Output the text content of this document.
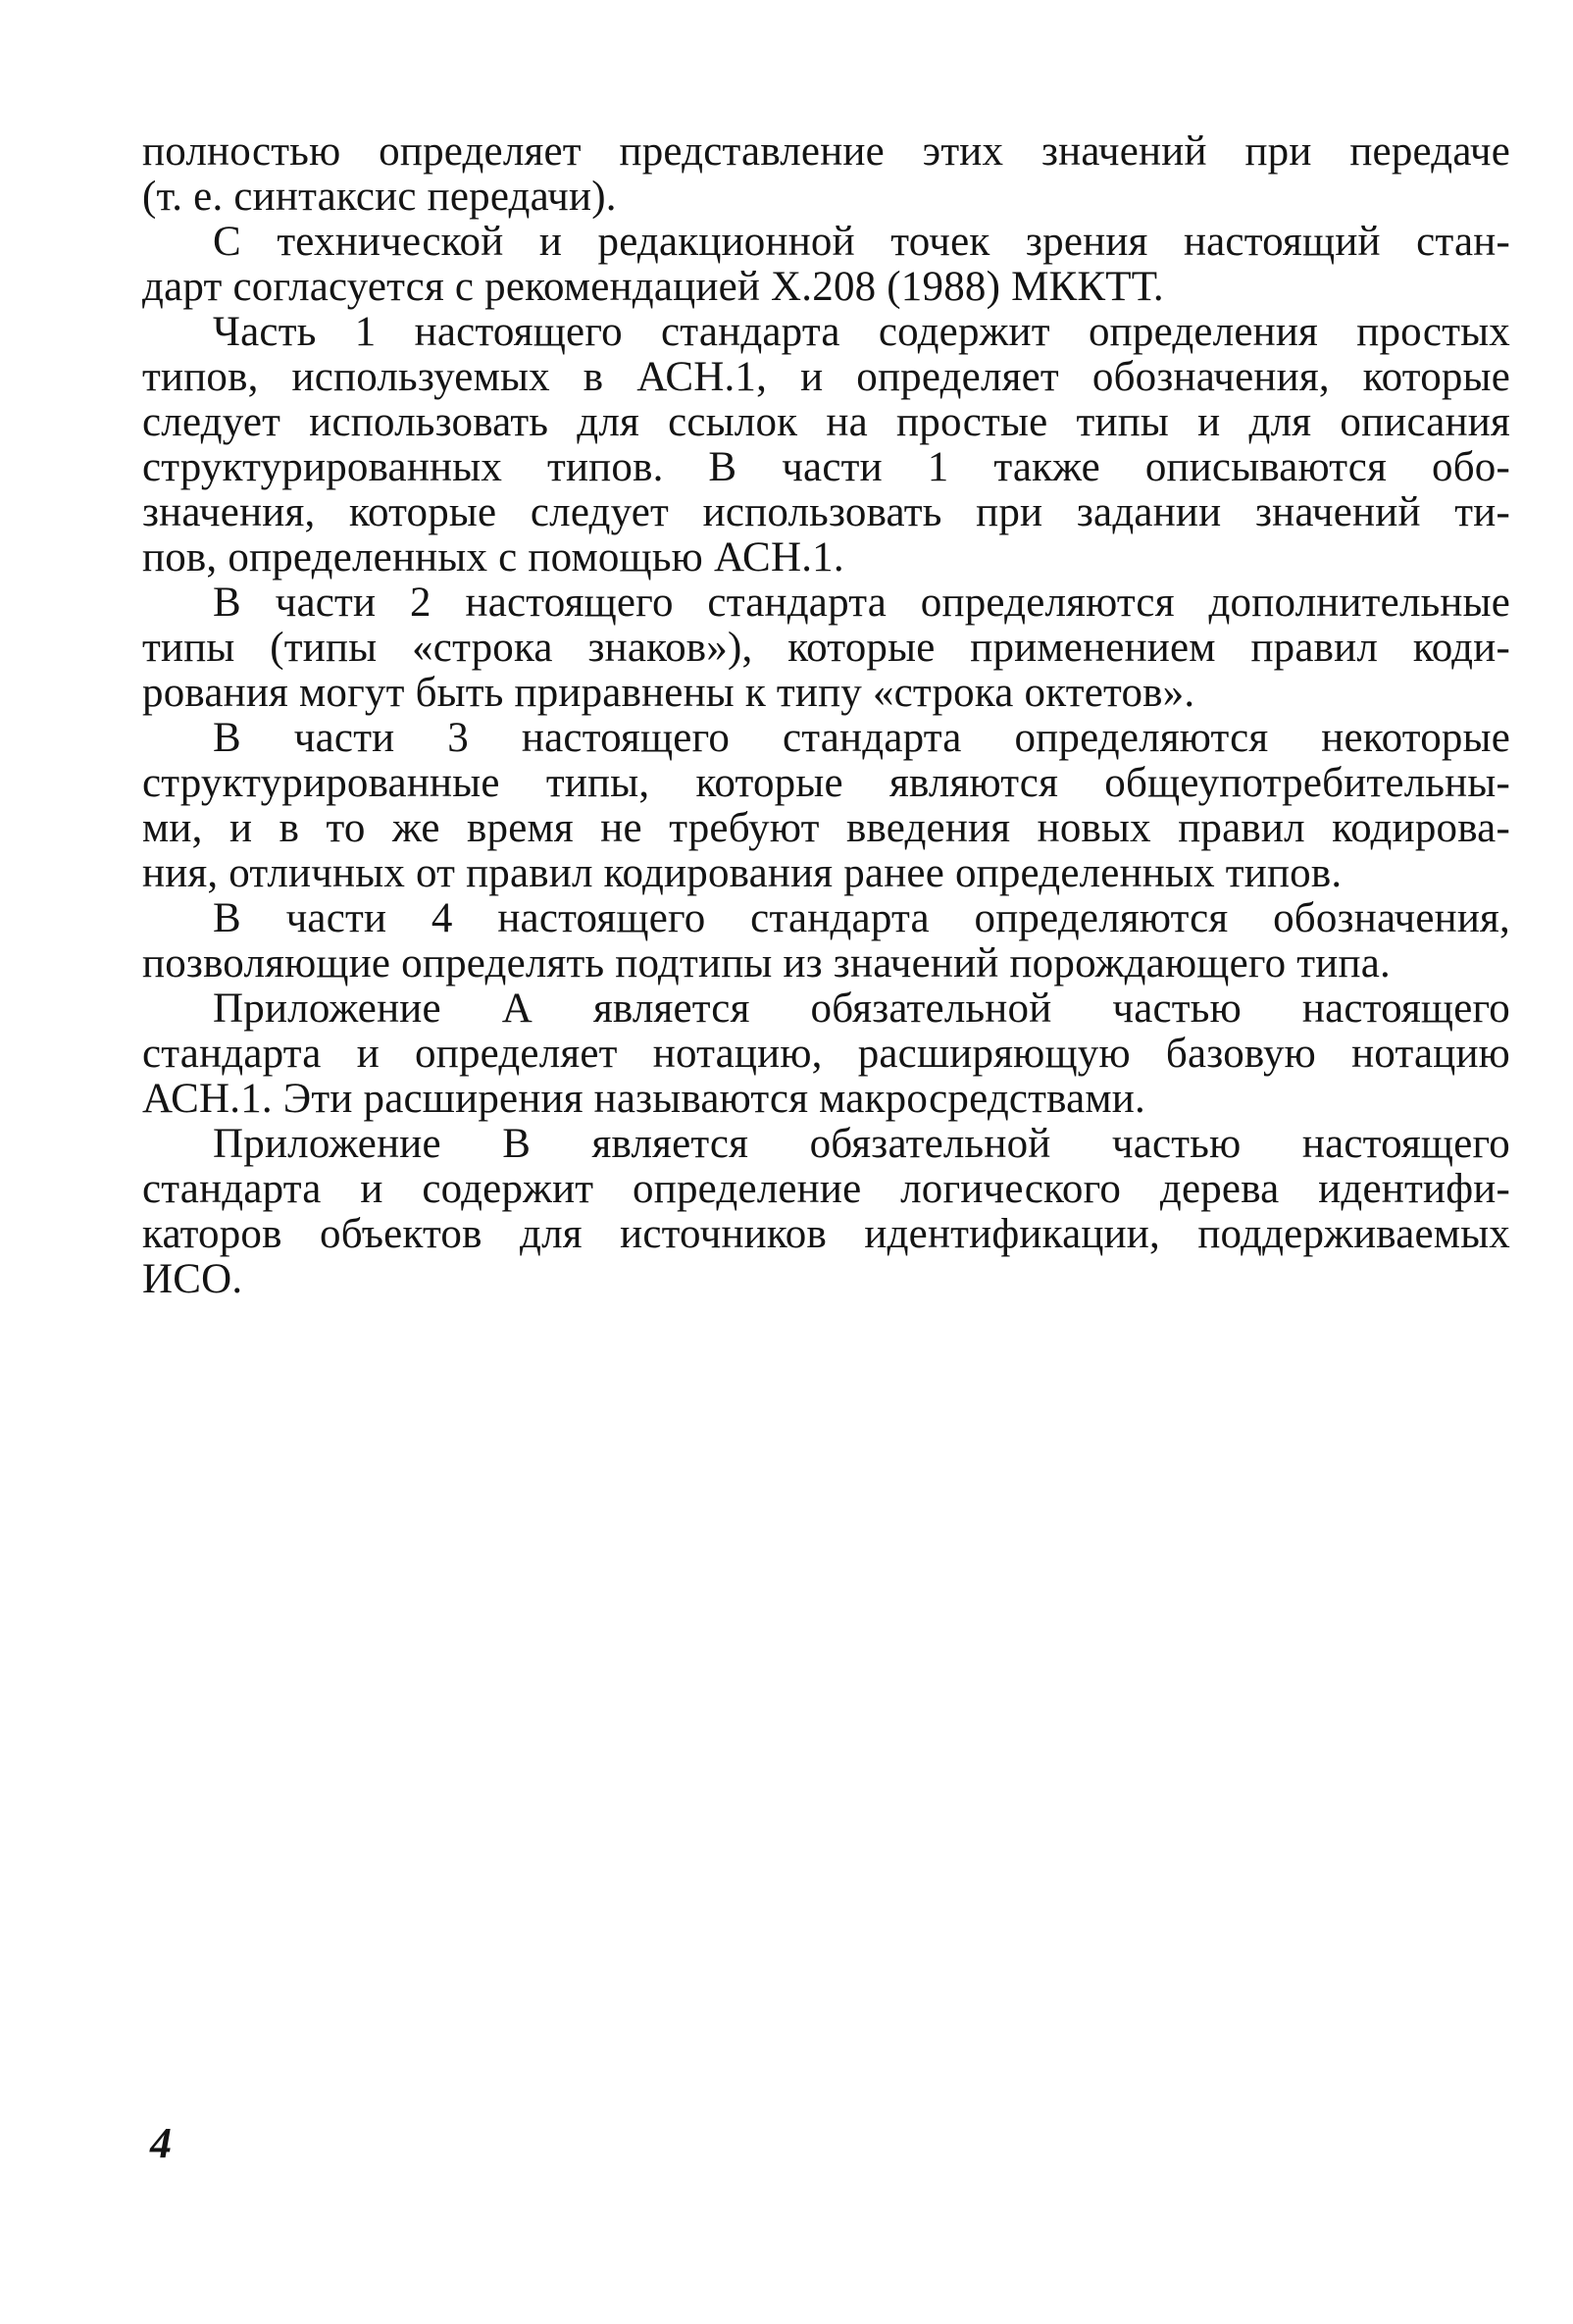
полностью определяет представление этих значений при передаче
(т. е. синтаксис передачи).
С технической и редакционной точек зрения настоящий стан-
дарт согласуется с рекомендацией Х.208 (1988) МККТТ.
Часть 1 настоящего стандарта содержит определения простых
типов, используемых в АСН.1, и определяет обозначения, которые
следует использовать для ссылок на простые типы и для описания
структурированных типов. В части 1 также описываются обо-
значения, которые следует использовать при задании значений ти-
пов, определенных с помощью АСН.1.
В части 2 настоящего стандарта определяются дополнительные
типы (типы «строка знаков»), которые применением правил коди-
рования могут быть приравнены к типу «строка октетов».
В части 3 настоящего стандарта определяются некоторые
структурированные типы, которые являются общеупотребительны-
ми, и в то же время не требуют введения новых правил кодирова-
ния, отличных от правил кодирования ранее определенных типов.
В части 4 настоящего стандарта определяются обозначения,
позволяющие определять подтипы из значений порождающего типа.
Приложение А является обязательной частью настоящего
стандарта и определяет нотацию, расширяющую базовую нотацию
АСН.1. Эти расширения называются макросредствами.
Приложение В является обязательной частью настоящего
стандарта и содержит определение логического дерева идентифи-
каторов объектов для источников идентификации, поддерживаемых
ИСО.
4
